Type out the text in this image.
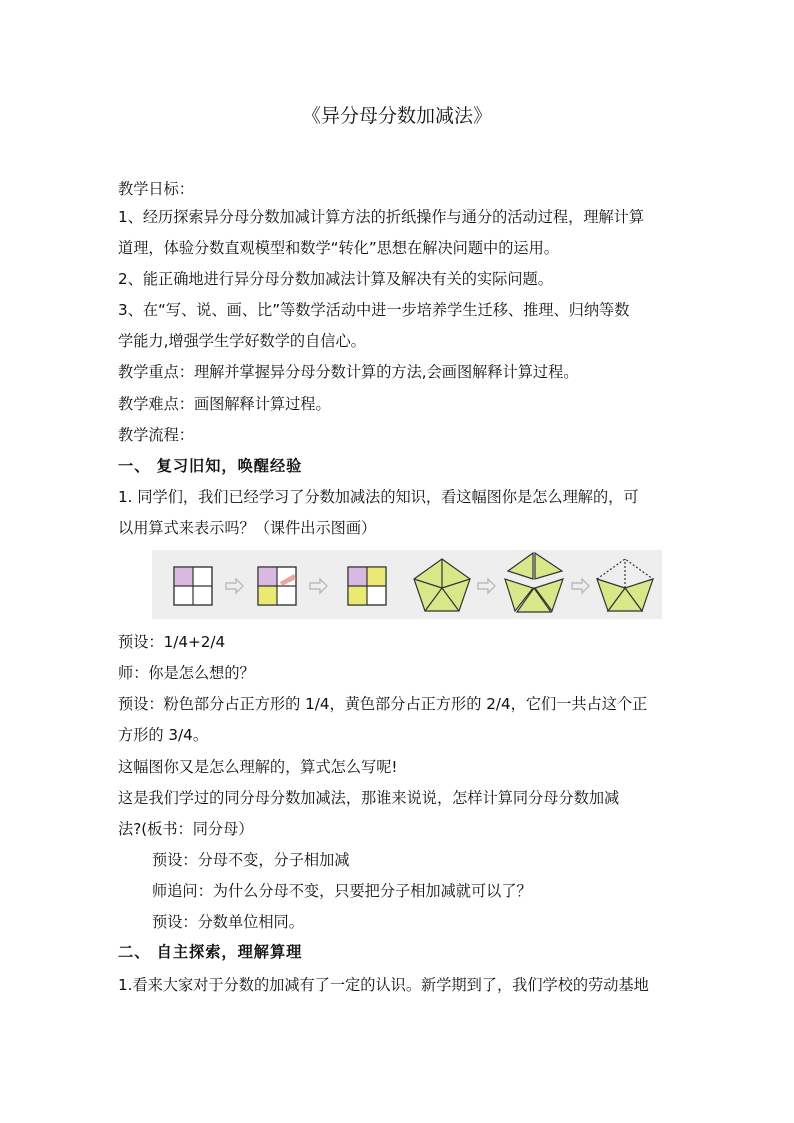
《异分母分数加减法》
教学日标：
1、经历探索异分母分数加减计算方法的折纸操作与通分的活动过程，理解计算
道理，体验分数直观模型和数学“转化”思想在解决问题中的运用。
2、能正确地进行异分母分数加减法计算及解决有关的实际问题。
3、在“写、说、画、比”等数学活动中进一步培养学生迁移、推理、归纳等数
学能力,增强学生学好数学的自信心。
教学重点：理解并掌握异分母分数计算的方法,会画图解释计算过程。
教学难点：画图解释计算过程。
教学流程：
一、 复习旧知，唤醒经验
1. 同学们，我们已经学习了分数加减法的知识，看这幅图你是怎么理解的，可
以用算式来表示吗？（课件出示图画）
预设：1/4+2/4
师：你是怎么想的？
预设：粉色部分占正方形的 1/4，黄色部分占正方形的 2/4，它们一共占这个正
方形的 3/4。
这幅图你又是怎么理解的，算式怎么写呢!
这是我们学过的同分母分数加减法，那谁来说说，怎样计算同分母分数加减
法?(板书：同分母）
预设：分母不变，分子相加减
师追问：为什么分母不变，只要把分子相加减就可以了？
预设：分数单位相同。
二、 自主探索，理解算理
1.看来大家对于分数的加减有了一定的认识。新学期到了，我们学校的劳动基地
